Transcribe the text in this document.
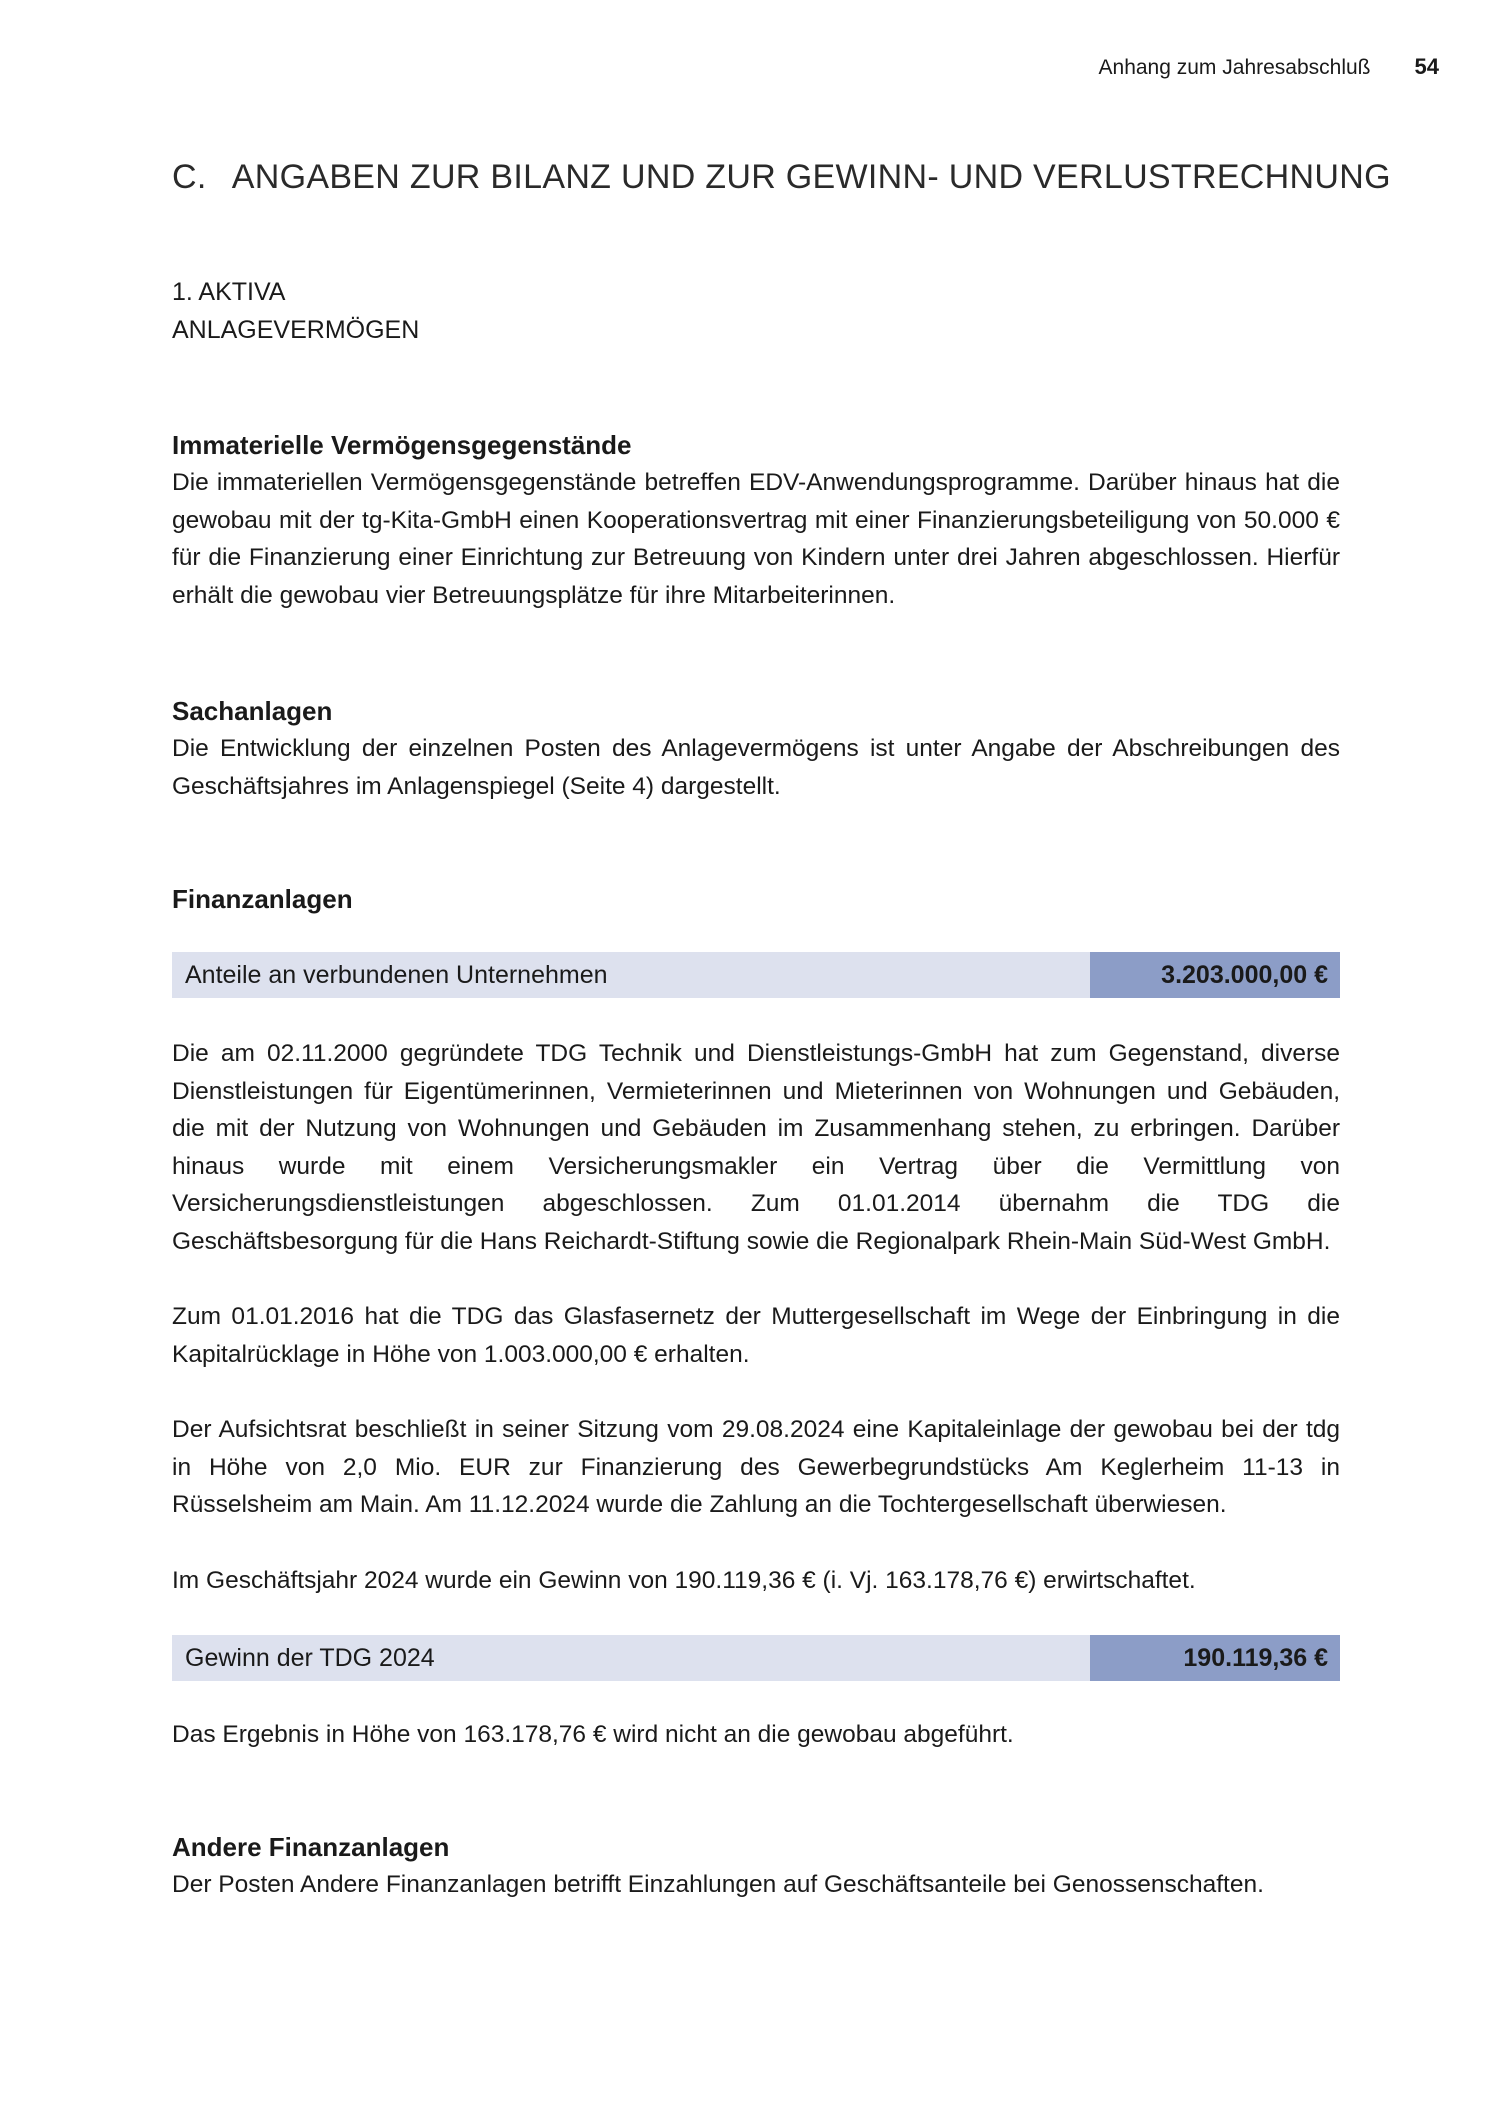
Anhang zum Jahresabschluß 54
C.  ANGABEN ZUR BILANZ UND ZUR GEWINN- UND VERLUSTRECHNUNG
1. AKTIVA
ANLAGEVERMÖGEN
Immaterielle Vermögensgegenstände

Die immateriellen Vermögensgegenstände betreffen EDV-Anwendungsprogramme. Darüber hinaus hat die gewobau mit der tg-Kita-GmbH einen Kooperationsvertrag mit einer Finanzierungsbeteiligung von 50.000 € für die Finanzierung einer Einrichtung zur Betreuung von Kindern unter drei Jahren abgeschlossen. Hierfür erhält die gewobau vier Betreuungsplätze für ihre Mitarbeiterinnen.

Sachanlagen

Die Entwicklung der einzelnen Posten des Anlagevermögens ist unter Angabe der Abschreibungen des Geschäftsjahres im Anlagenspiegel (Seite 4) dargestellt.

Finanzanlagen
Anteile an verbundenen Unternehmen	3.203.000,00 €

Die am 02.11.2000 gegründete TDG Technik und Dienstleistungs-GmbH hat zum Gegenstand, diverse Dienstleistungen für Eigentümerinnen, Vermieterinnen und Mieterinnen von Wohnungen und Gebäuden, die mit der Nutzung von Wohnungen und Gebäuden im Zusammenhang stehen, zu erbringen. Darüber hinaus wurde mit einem Versicherungsmakler ein Vertrag über die Vermittlung von Versicherungsdienstleistungen abgeschlossen. Zum 01.01.2014 übernahm die TDG die Geschäftsbesorgung für die Hans Reichardt-Stiftung sowie die Regionalpark Rhein-Main Süd-West GmbH.

Zum 01.01.2016 hat die TDG das Glasfasernetz der Muttergesellschaft im Wege der Einbringung in die Kapitalrücklage in Höhe von 1.003.000,00 € erhalten.

Der Aufsichtsrat beschließt in seiner Sitzung vom 29.08.2024 eine Kapitaleinlage der gewobau bei der tdg in Höhe von 2,0 Mio. EUR zur Finanzierung des Gewerbegrundstücks Am Keglerheim 11-13 in Rüsselsheim am Main. Am 11.12.2024 wurde die Zahlung an die Tochtergesellschaft überwiesen.

Im Geschäftsjahr 2024 wurde ein Gewinn von 190.119,36 € (i. Vj. 163.178,76 €) erwirtschaftet.

Gewinn der TDG 2024	190.119,36 €

Das Ergebnis in Höhe von 163.178,76 € wird nicht an die gewobau abgeführt.

Andere Finanzanlagen

Der Posten Andere Finanzanlagen betrifft Einzahlungen auf Geschäftsanteile bei Genossenschaften.
